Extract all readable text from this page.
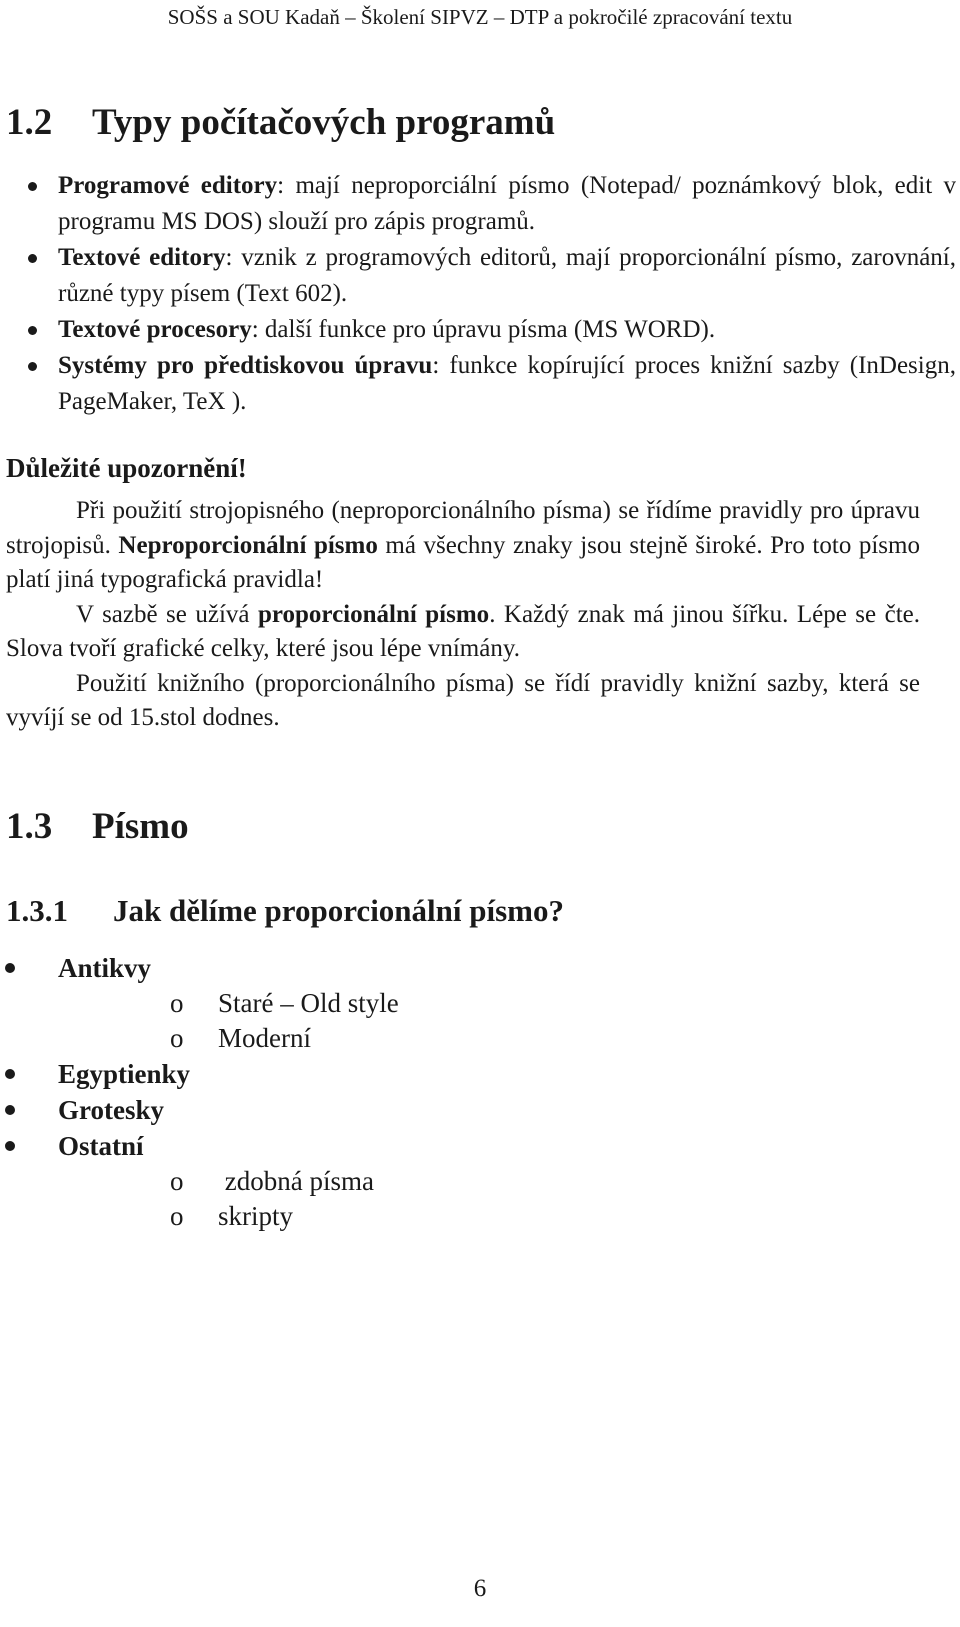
SOŠS a SOU Kadaň – Školení SIPVZ – DTP a pokročilé zpracování textu
1.2 Typy počítačových programů
Programové editory: mají neproporciální písmo (Notepad/ poznámkový blok, edit v programu MS DOS) slouží pro zápis programů.
Textové editory: vznik z programových editorů, mají proporcionální písmo, zarovnání, různé typy písem (Text 602).
Textové procesory: další funkce pro úpravu písma (MS WORD).
Systémy pro předtiskovou úpravu: funkce kopírující proces knižní sazby (InDesign, PageMaker, TeX ).
Důležité upozornění!

Při použití strojopisného (neproporcionálního písma) se řídíme pravidly pro úpravu strojopisů. Neproporcionální písmo má všechny znaky jsou stejně široké. Pro toto písmo platí jiná typografická pravidla!

V sazbě se užívá proporcionální písmo. Každý znak má jinou šířku. Lépe se čte. Slova tvoří grafické celky, které jsou lépe vnímány.

Použití knižního (proporcionálního písma) se řídí pravidly knižní sazby, která se vyvíjí se od 15.stol dodnes.

1.3 Písmo
1.3.1 Jak dělíme proporcionální písmo?
Antikvy
o Staré – Old style
o Moderní
Egyptienky
Grotesky
Ostatní
o zdobná písma
o skripty
6
